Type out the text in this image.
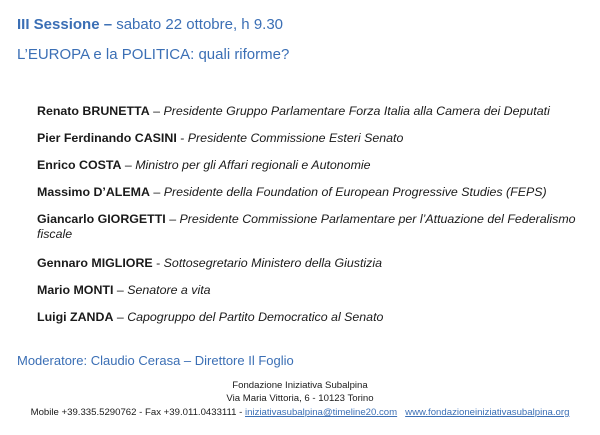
III Sessione – sabato 22 ottobre, h 9.30
L’EUROPA e la POLITICA: quali riforme?
Renato BRUNETTA – Presidente Gruppo Parlamentare Forza Italia alla Camera dei Deputati
Pier Ferdinando CASINI - Presidente Commissione Esteri Senato
Enrico COSTA – Ministro per gli Affari regionali e Autonomie
Massimo D’ALEMA – Presidente della Foundation of European Progressive Studies (FEPS)
Giancarlo GIORGETTI – Presidente Commissione Parlamentare per l’Attuazione del Federalismo fiscale
Gennaro MIGLIORE - Sottosegretario Ministero della Giustizia
Mario MONTI – Senatore a vita
Luigi ZANDA – Capogruppo del Partito Democratico al Senato
Moderatore: Claudio Cerasa – Direttore Il Foglio
Fondazione Iniziativa Subalpina
Via Maria Vittoria, 6 - 10123 Torino
Mobile +39.335.5290762 - Fax +39.011.0433111 - iniziativasubalpina@timeline20.com www.fondazioneiniziativasubalpina.org
